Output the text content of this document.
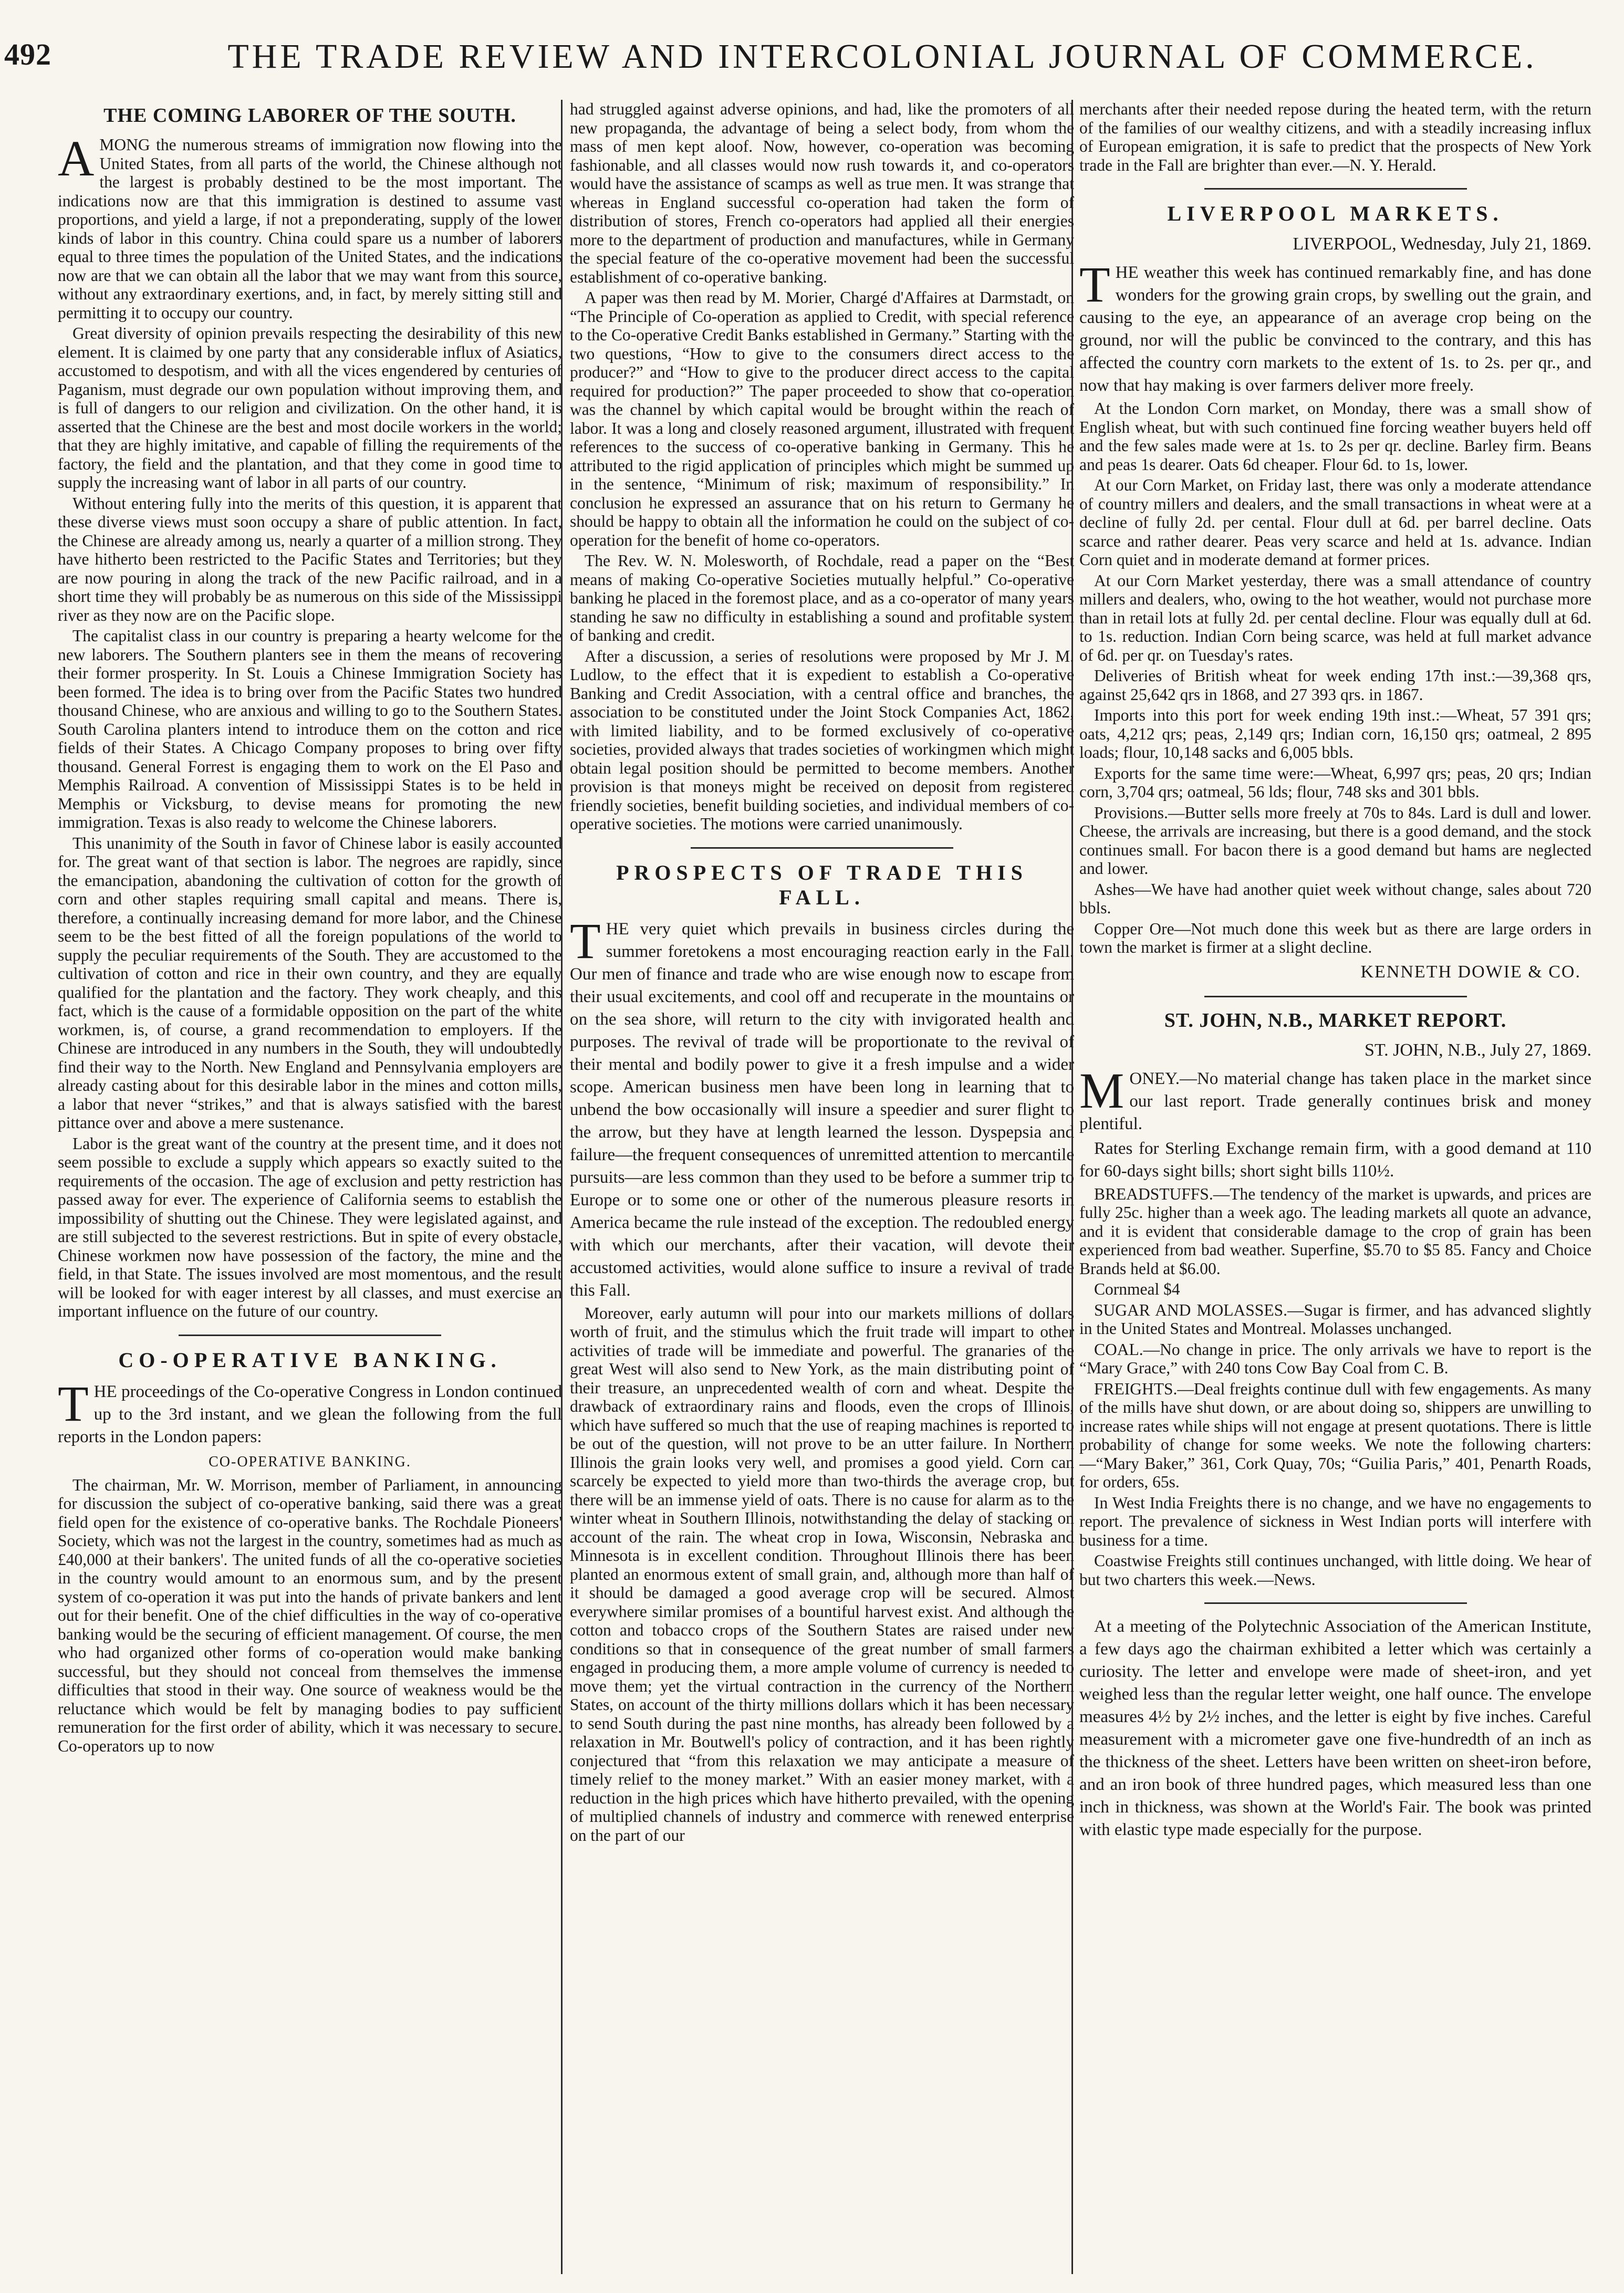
492	THE TRADE REVIEW AND INTERCOLONIAL JOURNAL OF COMMERCE.
THE COMING LABORER OF THE SOUTH.

AMONG the numerous streams of immigration now flowing into the United States, from all parts of the world, the Chinese although not the largest is probably destined to be the most important. The indications now are that this immigration is destined to assume vast proportions, and yield a large, if not a preponderating, supply of the lower kinds of labor in this country. China could spare us a number of laborers equal to three times the population of the United States, and the indications now are that we can obtain all the labor that we may want from this source, without any extraordinary exertions, and, in fact, by merely sitting still and permitting it to occupy our country.

Great diversity of opinion prevails respecting the desirability of this new element. It is claimed by one party that any considerable influx of Asiatics, accustomed to despotism, and with all the vices engendered by centuries of Paganism, must degrade our own population without improving them, and is full of dangers to our religion and civilization. On the other hand, it is asserted that the Chinese are the best and most docile workers in the world; that they are highly imitative, and capable of filling the requirements of the factory, the field and the plantation, and that they come in good time to supply the increasing want of labor in all parts of our country.

Without entering fully into the merits of this question, it is apparent that these diverse views must soon occupy a share of public attention. In fact, the Chinese are already among us, nearly a quarter of a million strong. They have hitherto been restricted to the Pacific States and Territories; but they are now pouring in along the track of the new Pacific railroad, and in a short time they will probably be as numerous on this side of the Mississippi river as they now are on the Pacific slope.

The capitalist class in our country is preparing a hearty welcome for the new laborers. The Southern planters see in them the means of recovering their former prosperity. In St. Louis a Chinese Immigration Society has been formed. The idea is to bring over from the Pacific States two hundred thousand Chinese, who are anxious and willing to go to the Southern States. South Carolina planters intend to introduce them on the cotton and rice fields of their States. A Chicago Company proposes to bring over fifty thousand. General Forrest is engaging them to work on the El Paso and Memphis Railroad. A convention of Mississippi States is to be held in Memphis or Vicksburg, to devise means for promoting the new immigration. Texas is also ready to welcome the Chinese laborers.

This unanimity of the South in favor of Chinese labor is easily accounted for. The great want of that section is labor. The negroes are rapidly, since the emancipation, abandoning the cultivation of cotton for the growth of corn and other staples requiring small capital and means. There is, therefore, a continually increasing demand for more labor, and the Chinese seem to be the best fitted of all the foreign populations of the world to supply the peculiar requirements of the South. They are accustomed to the cultivation of cotton and rice in their own country, and they are equally qualified for the plantation and the factory. They work cheaply, and this fact, which is the cause of a formidable opposition on the part of the white workmen, is, of course, a grand recommendation to employers. If the Chinese are introduced in any numbers in the South, they will undoubtedly find their way to the North. New England and Pennsylvania employers are already casting about for this desirable labor in the mines and cotton mills, a labor that never “strikes,” and that is always satisfied with the barest pittance over and above a mere sustenance.

Labor is the great want of the country at the present time, and it does not seem possible to exclude a supply which appears so exactly suited to the requirements of the occasion. The age of exclusion and petty restriction has passed away for ever. The experience of California seems to establish the impossibility of shutting out the Chinese. They were legislated against, and are still subjected to the severest restrictions. But in spite of every obstacle, Chinese workmen now have possession of the factory, the mine and the field, in that State. The issues involved are most momentous, and the result will be looked for with eager interest by all classes, and must exercise an important influence on the future of our country.

CO-OPERATIVE BANKING.

THE proceedings of the Co-operative Congress in London continued up to the 3rd instant, and we glean the following from the full reports in the London papers:

CO-OPERATIVE BANKING.

The chairman, Mr. W. Morrison, member of Parliament, in announcing for discussion the subject of co-operative banking, said there was a great field open for the existence of co-operative banks. The Rochdale Pioneers' Society, which was not the largest in the country, sometimes had as much as £40,000 at their bankers'. The united funds of all the co-operative societies in the country would amount to an enormous sum, and by the present system of co-operation it was put into the hands of private bankers and lent out for their benefit. One of the chief difficulties in the way of co-operative banking would be the securing of efficient management. Of course, the men who had organized other forms of co-operation would make banking successful, but they should not conceal from themselves the immense difficulties that stood in their way. One source of weakness would be the reluctance which would be felt by managing bodies to pay sufficient remuneration for the first order of ability, which it was necessary to secure. Co-operators up to now

had struggled against adverse opinions, and had, like the promoters of all new propaganda, the advantage of being a select body, from whom the mass of men kept aloof. Now, however, co-operation was becoming fashionable, and all classes would now rush towards it, and co-operators would have the assistance of scamps as well as true men. It was strange that whereas in England successful co-operation had taken the form of distribution of stores, French co-operators had applied all their energies more to the department of production and manufactures, while in Germany the special feature of the co-operative movement had been the successful establishment of co-operative banking.

A paper was then read by M. Morier, Chargé d'Affaires at Darmstadt, on “The Principle of Co-operation as applied to Credit, with special reference to the Co-operative Credit Banks established in Germany.” Starting with the two questions, “How to give to the consumers direct access to the producer?” and “How to give to the producer direct access to the capital required for production?” The paper proceeded to show that co-operation was the channel by which capital would be brought within the reach of labor. It was a long and closely reasoned argument, illustrated with frequent references to the success of co-operative banking in Germany. This he attributed to the rigid application of principles which might be summed up in the sentence, “Minimum of risk; maximum of responsibility.” In conclusion he expressed an assurance that on his return to Germany he should be happy to obtain all the information he could on the subject of co-operation for the benefit of home co-operators.

The Rev. W. N. Molesworth, of Rochdale, read a paper on the “Best means of making Co-operative Societies mutually helpful.” Co-operative banking he placed in the foremost place, and as a co-operator of many years standing he saw no difficulty in establishing a sound and profitable system of banking and credit.

After a discussion, a series of resolutions were proposed by Mr J. M. Ludlow, to the effect that it is expedient to establish a Co-operative Banking and Credit Association, with a central office and branches, the association to be constituted under the Joint Stock Companies Act, 1862, with limited liability, and to be formed exclusively of co-operative societies, provided always that trades societies of workingmen which might obtain legal position should be permitted to become members. Another provision is that moneys might be received on deposit from registered friendly societies, benefit building societies, and individual members of co-operative societies. The motions were carried unanimously.

PROSPECTS OF TRADE THIS FALL.

THE very quiet which prevails in business circles during the summer foretokens a most encouraging reaction early in the Fall. Our men of finance and trade who are wise enough now to escape from their usual excitements, and cool off and recuperate in the mountains or on the sea shore, will return to the city with invigorated health and purposes. The revival of trade will be proportionate to the revival of their mental and bodily power to give it a fresh impulse and a wider scope. American business men have been long in learning that to unbend the bow occasionally will insure a speedier and surer flight to the arrow, but they have at length learned the lesson. Dyspepsia and failure—the frequent consequences of unremitted attention to mercantile pursuits—are less common than they used to be before a summer trip to Europe or to some one or other of the numerous pleasure resorts in America became the rule instead of the exception. The redoubled energy with which our merchants, after their vacation, will devote their accustomed activities, would alone suffice to insure a revival of trade this Fall.

Moreover, early autumn will pour into our markets millions of dollars worth of fruit, and the stimulus which the fruit trade will impart to other activities of trade will be immediate and powerful. The granaries of the great West will also send to New York, as the main distributing point of their treasure, an unprecedented wealth of corn and wheat. Despite the drawback of extraordinary rains and floods, even the crops of Illinois, which have suffered so much that the use of reaping machines is reported to be out of the question, will not prove to be an utter failure. In Northern Illinois the grain looks very well, and promises a good yield. Corn can scarcely be expected to yield more than two-thirds the average crop, but there will be an immense yield of oats. There is no cause for alarm as to the winter wheat in Southern Illinois, notwithstanding the delay of stacking on account of the rain. The wheat crop in Iowa, Wisconsin, Nebraska and Minnesota is in excellent condition. Throughout Illinois there has been planted an enormous extent of small grain, and, although more than half of it should be damaged a good average crop will be secured. Almost everywhere similar promises of a bountiful harvest exist. And although the cotton and tobacco crops of the Southern States are raised under new conditions so that in consequence of the great number of small farmers engaged in producing them, a more ample volume of currency is needed to move them; yet the virtual contraction in the currency of the Northern States, on account of the thirty millions dollars which it has been necessary to send South during the past nine months, has already been followed by a relaxation in Mr. Boutwell's policy of contraction, and it has been rightly conjectured that “from this relaxation we may anticipate a measure of timely relief to the money market.” With an easier money market, with a reduction in the high prices which have hitherto prevailed, with the opening of multiplied channels of industry and commerce with renewed enterprise on the part of our

merchants after their needed repose during the heated term, with the return of the families of our wealthy citizens, and with a steadily increasing influx of European emigration, it is safe to predict that the prospects of New York trade in the Fall are brighter than ever.—N. Y. Herald.

LIVERPOOL MARKETS.
LIVERPOOL, Wednesday, July 21, 1869.

THE weather this week has continued remarkably fine, and has done wonders for the growing grain crops, by swelling out the grain, and causing to the eye, an appearance of an average crop being on the ground, nor will the public be convinced to the contrary, and this has affected the country corn markets to the extent of 1s. to 2s. per qr., and now that hay making is over farmers deliver more freely.

At the London Corn market, on Monday, there was a small show of English wheat, but with such continued fine forcing weather buyers held off and the few sales made were at 1s. to 2s per qr. decline. Barley firm. Beans and peas 1s dearer. Oats 6d cheaper. Flour 6d. to 1s, lower.

At our Corn Market, on Friday last, there was only a moderate attendance of country millers and dealers, and the small transactions in wheat were at a decline of fully 2d. per cental. Flour dull at 6d. per barrel decline. Oats scarce and rather dearer. Peas very scarce and held at 1s. advance. Indian Corn quiet and in moderate demand at former prices.

At our Corn Market yesterday, there was a small attendance of country millers and dealers, who, owing to the hot weather, would not purchase more than in retail lots at fully 2d. per cental decline. Flour was equally dull at 6d. to 1s. reduction. Indian Corn being scarce, was held at full market advance of 6d. per qr. on Tuesday's rates.

Deliveries of British wheat for week ending 17th inst.:—39,368 qrs, against 25,642 qrs in 1868, and 27 393 qrs. in 1867.

Imports into this port for week ending 19th inst.:—Wheat, 57 391 qrs; oats, 4,212 qrs; peas, 2,149 qrs; Indian corn, 16,150 qrs; oatmeal, 2 895 loads; flour, 10,148 sacks and 6,005 bbls.

Exports for the same time were:—Wheat, 6,997 qrs; peas, 20 qrs; Indian corn, 3,704 qrs; oatmeal, 56 lds; flour, 748 sks and 301 bbls.

Provisions.—Butter sells more freely at 70s to 84s. Lard is dull and lower. Cheese, the arrivals are increasing, but there is a good demand, and the stock continues small. For bacon there is a good demand but hams are neglected and lower.

Ashes—We have had another quiet week without change, sales about 720 bbls.

Copper Ore—Not much done this week but as there are large orders in town the market is firmer at a slight decline.

KENNETH DOWIE & CO.
ST. JOHN, N.B., MARKET REPORT.
ST. JOHN, N.B., July 27, 1869.

MONEY.—No material change has taken place in the market since our last report. Trade generally continues brisk and money plentiful.

Rates for Sterling Exchange remain firm, with a good demand at 110 for 60-days sight bills; short sight bills 110½.

BREADSTUFFS.—The tendency of the market is upwards, and prices are fully 25c. higher than a week ago. The leading markets all quote an advance, and it is evident that considerable damage to the crop of grain has been experienced from bad weather. Superfine, $5.70 to $5 85. Fancy and Choice Brands held at $6.00.

Cornmeal $4

SUGAR AND MOLASSES.—Sugar is firmer, and has advanced slightly in the United States and Montreal. Molasses unchanged.

COAL.—No change in price. The only arrivals we have to report is the “Mary Grace,” with 240 tons Cow Bay Coal from C. B.

FREIGHTS.—Deal freights continue dull with few engagements. As many of the mills have shut down, or are about doing so, shippers are unwilling to increase rates while ships will not engage at present quotations. There is little probability of change for some weeks. We note the following charters:—“Mary Baker,” 361, Cork Quay, 70s; “Guilia Paris,” 401, Penarth Roads, for orders, 65s.

In West India Freights there is no change, and we have no engagements to report. The prevalence of sickness in West Indian ports will interfere with business for a time.

Coastwise Freights still continues unchanged, with little doing. We hear of but two charters this week.—News.

At a meeting of the Polytechnic Association of the American Institute, a few days ago the chairman exhibited a letter which was certainly a curiosity. The letter and envelope were made of sheet-iron, and yet weighed less than the regular letter weight, one half ounce. The envelope measures 4½ by 2½ inches, and the letter is eight by five inches. Careful measurement with a micrometer gave one five-hundredth of an inch as the thickness of the sheet. Letters have been written on sheet-iron before, and an iron book of three hundred pages, which measured less than one inch in thickness, was shown at the World's Fair. The book was printed with elastic type made especially for the purpose.
